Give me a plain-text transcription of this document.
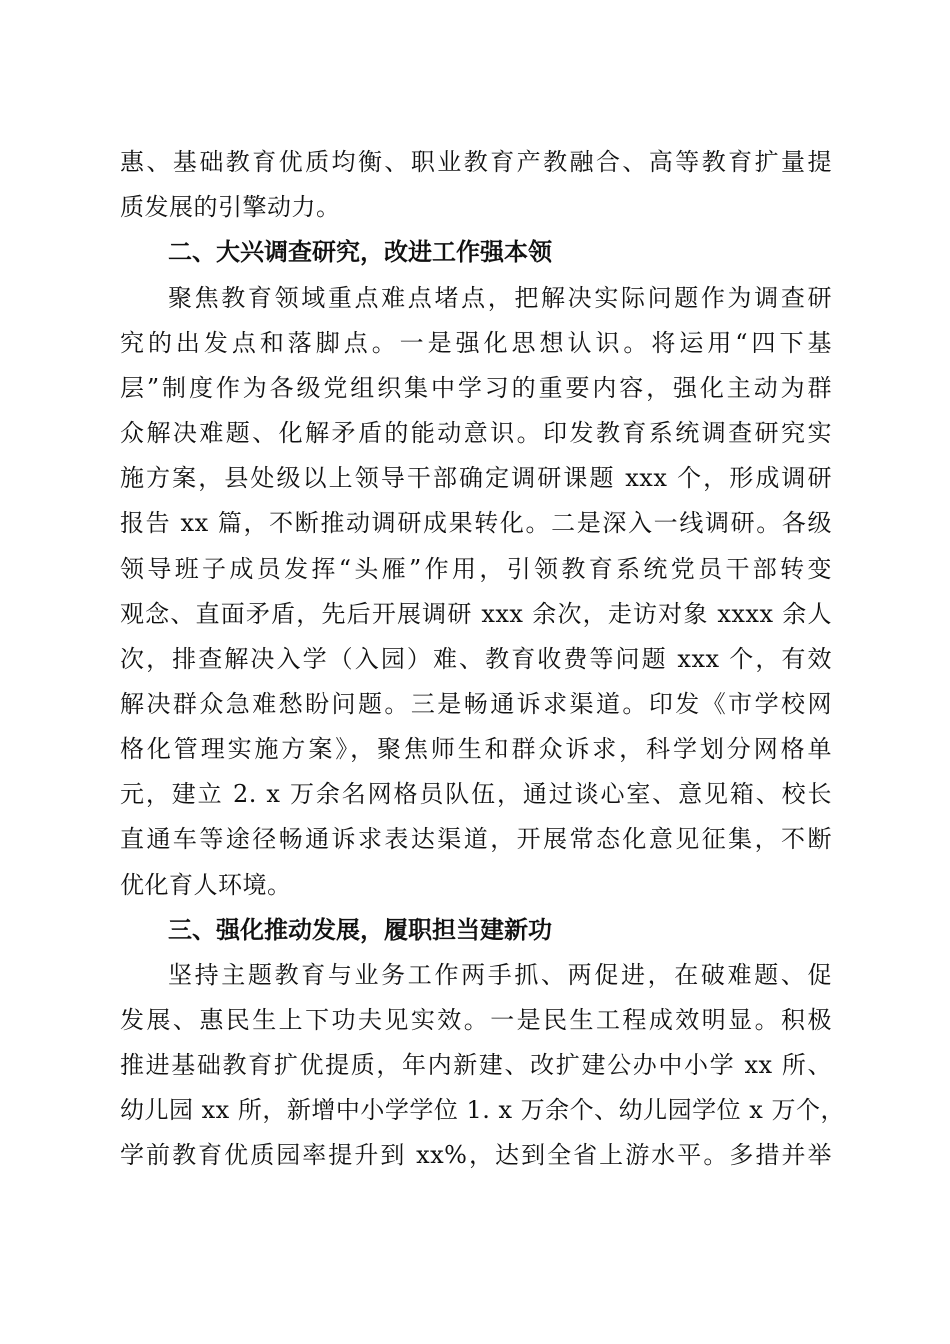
惠、基础教育优质均衡、职业教育产教融合、高等教育扩量提
质发展的引擎动力。
二、大兴调查研究，改进工作强本领
聚焦教育领域重点难点堵点，把解决实际问题作为调查研
究的出发点和落脚点。一是强化思想认识。将运用“四下基
层”制度作为各级党组织集中学习的重要内容，强化主动为群
众解决难题、化解矛盾的能动意识。印发教育系统调查研究实
施方案，县处级以上领导干部确定调研课题 xxx 个，形成调研
报告 xx 篇，不断推动调研成果转化。二是深入一线调研。各级
领导班子成员发挥“头雁”作用，引领教育系统党员干部转变
观念、直面矛盾，先后开展调研 xxx 余次，走访对象 xxxx 余人
次，排查解决入学（入园）难、教育收费等问题 xxx 个，有效
解决群众急难愁盼问题。三是畅通诉求渠道。印发《市学校网
格化管理实施方案》，聚焦师生和群众诉求，科学划分网格单
元，建立 2. x 万余名网格员队伍，通过谈心室、意见箱、校长
直通车等途径畅通诉求表达渠道，开展常态化意见征集，不断
优化育人环境。
三、强化推动发展，履职担当建新功
坚持主题教育与业务工作两手抓、两促进，在破难题、促
发展、惠民生上下功夫见实效。一是民生工程成效明显。积极
推进基础教育扩优提质，年内新建、改扩建公办中小学 xx 所、
幼儿园 xx 所，新增中小学学位 1. x 万余个、幼儿园学位 x 万个，
学前教育优质园率提升到 xx%，达到全省上游水平。多措并举
